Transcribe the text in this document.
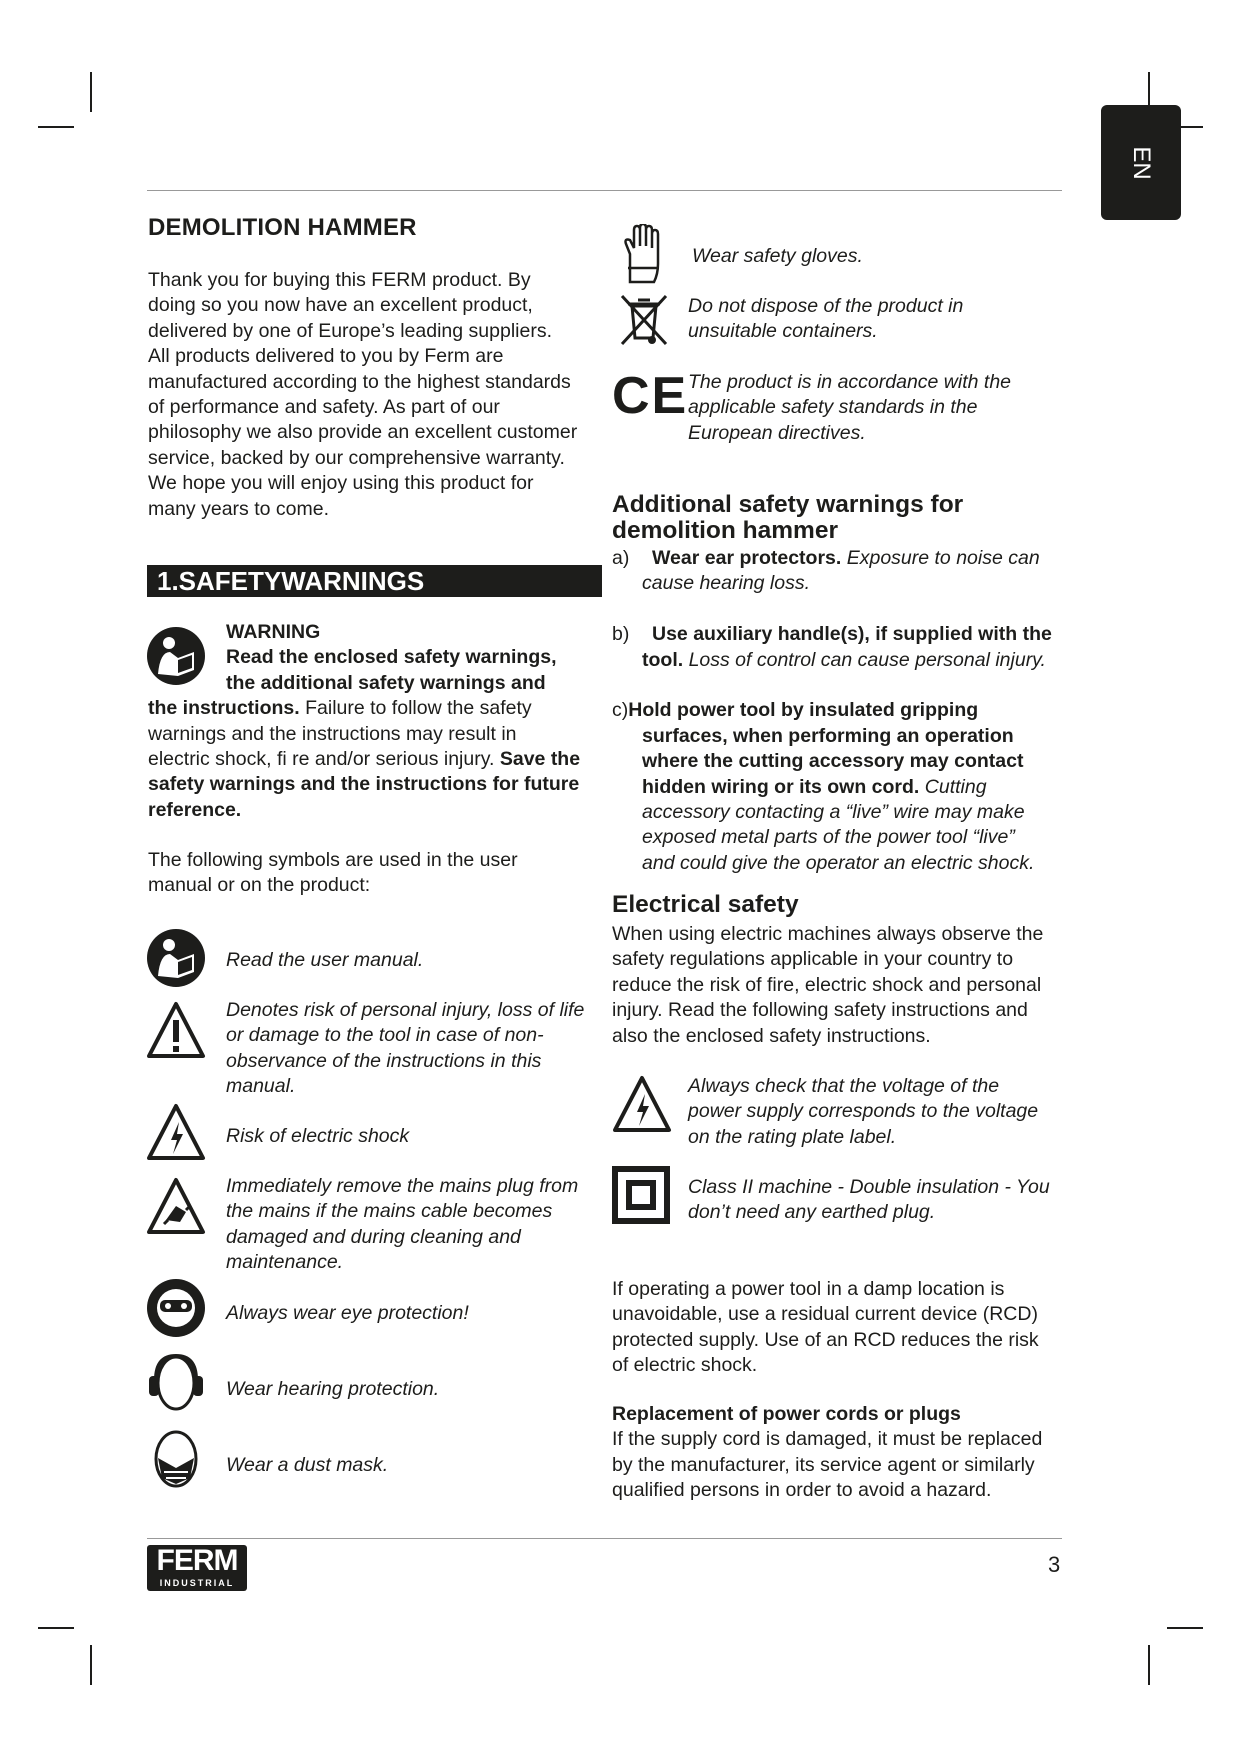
EN
DEMOLITION HAMMER

Thank you for buying this FERM product. By

doing so you now have an excellent product,

delivered by one of Europe’s leading suppliers.

All products delivered to you by Ferm are

manufactured according to the highest standards

of performance and safety. As part of our

philosophy we also provide an excellent customer

service, backed by our comprehensive warranty.

We hope you will enjoy using this product for

many years to come.

1.SAFETYWARNINGS

WARNING

Read the enclosed safety warnings,

the additional safety warnings and

the instructions. Failure to follow the safety

warnings and the instructions may result in

electric shock, fi re and/or serious injury. Save the

safety warnings and the instructions for future

reference.

The following symbols are used in the user

manual or on the product:

Read the user manual.
Denotes risk of personal injury, loss of life
or damage to the tool in case of non-
observance of the instructions in this
manual.
Risk of electric shock
Immediately remove the mains plug from
the mains if the mains cable becomes
damaged and during cleaning and
maintenance.
Always wear eye protection!
Wear hearing protection.
Wear a dust mask.
Wear safety gloves.
Do not dispose of the product in
unsuitable containers.
CE The product is in accordance with the
applicable safety standards in the
European directives.
Additional safety warnings for
demolition hammer

a) Wear ear protectors. Exposure to noise can

cause hearing loss.

b) Use auxiliary handle(s), if supplied with the

tool. Loss of control can cause personal injury.

c)Hold power tool by insulated gripping

surfaces, when performing an operation

where the cutting accessory may contact

hidden wiring or its own cord. Cutting

accessory contacting a “live” wire may make

exposed metal parts of the power tool “live”

and could give the operator an electric shock.

Electrical safety

When using electric machines always observe the

safety regulations applicable in your country to

reduce the risk of fire, electric shock and personal

injury. Read the following safety instructions and

also the enclosed safety instructions.

Always check that the voltage of the
power supply corresponds to the voltage
on the rating plate label.
Class II machine - Double insulation - You
don’t need any earthed plug.

If operating a power tool in a damp location is

unavoidable, use a residual current device (RCD)

protected supply. Use of an RCD reduces the risk

of electric shock.

Replacement of power cords or plugs

If the supply cord is damaged, it must be replaced

by the manufacturer, its service agent or similarly

qualified persons in order to avoid a hazard.

FERM
INDUSTRIAL
3
